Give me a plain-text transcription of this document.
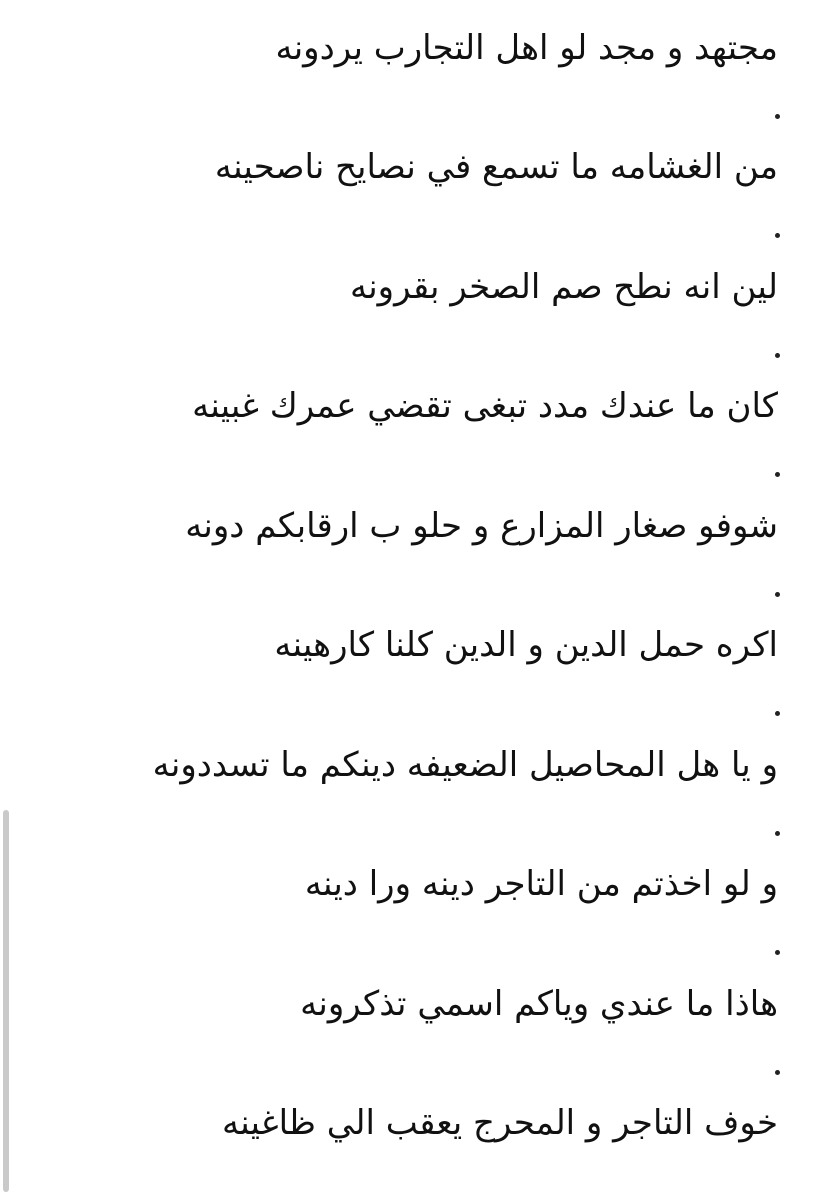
مجتهد و مجد لو اهل التجارب يردونه
من الغشامه ما تسمع في نصايح ناصحينه
لين انه نطح صم الصخر بقرونه
كان ما عندك مدد تبغى تقضي عمرك غبينه
شوفو صغار المزارع و حلو ب ارقابكم دونه
اكره حمل الدين و الدين كلنا كارهينه
و يا هل المحاصيل الضعيفه دينكم ما تسددونه
و لو اخذتم من التاجر دينه ورا دينه
هاذا ما عندي وياكم اسمي تذكرونه
خوف التاجر و المحرج يعقب الي ظاغينه
